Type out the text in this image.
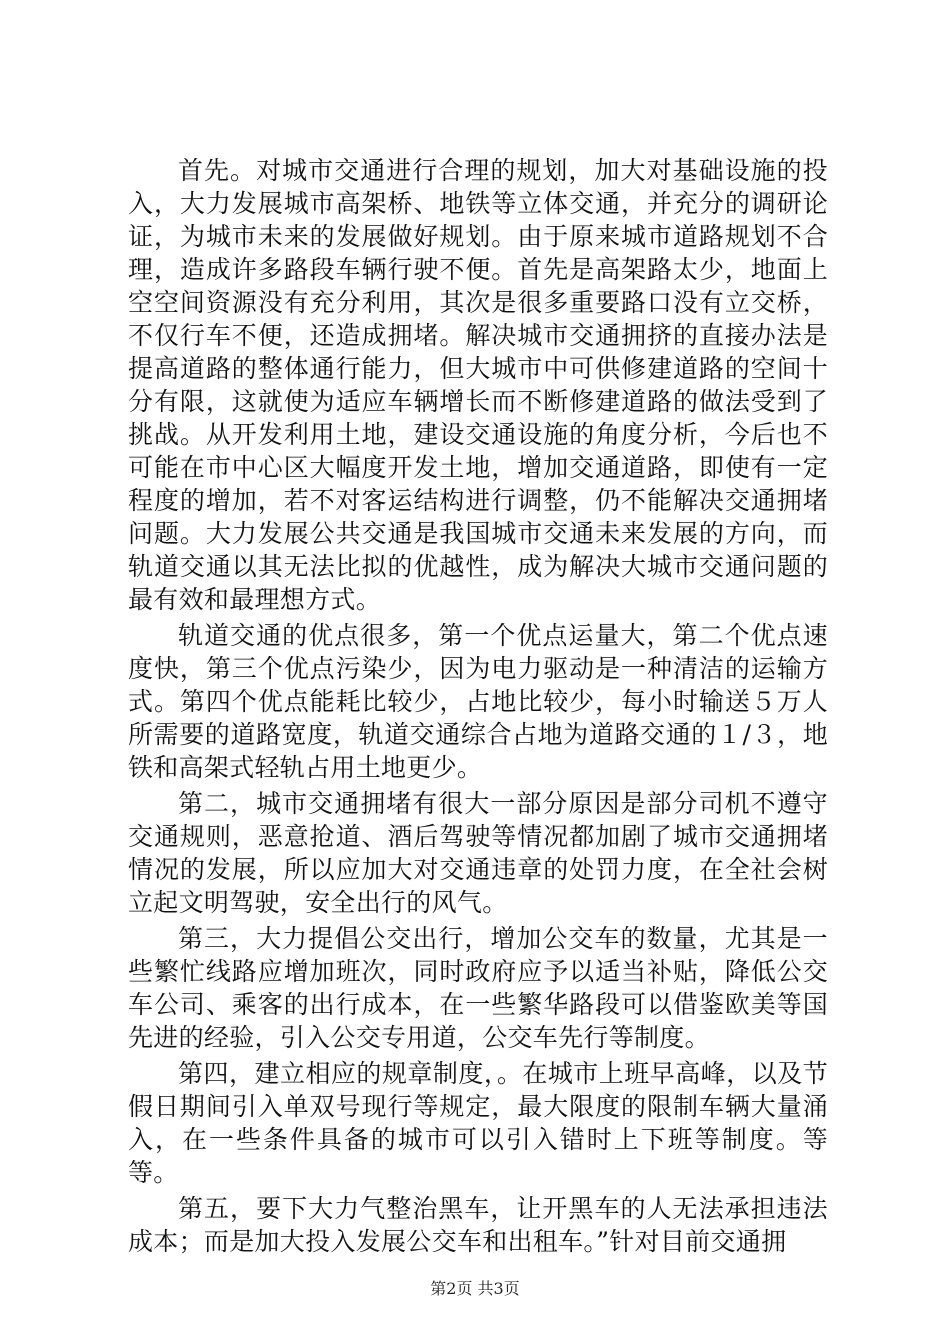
首先。对城市交通进行合理的规划，加大对基础设施的投入，大力发展城市高架桥、地铁等立体交通，并充分的调研论证，为城市未来的发展做好规划。由于原来城市道路规划不合理，造成许多路段车辆行驶不便。首先是高架路太少，地面上空空间资源没有充分利用，其次是很多重要路口没有立交桥，不仅行车不便，还造成拥堵。解决城市交通拥挤的直接办法是提高道路的整体通行能力，但大城市中可供修建道路的空间十分有限，这就使为适应车辆增长而不断修建道路的做法受到了挑战。从开发利用土地，建设交通设施的角度分析，今后也不可能在市中心区大幅度开发土地，增加交通道路，即使有一定程度的增加，若不对客运结构进行调整，仍不能解决交通拥堵问题。大力发展公共交通是我国城市交通未来发展的方向，而轨道交通以其无法比拟的优越性，成为解决大城市交通问题的最有效和最理想方式。

轨道交通的优点很多，第一个优点运量大，第二个优点速度快，第三个优点污染少，因为电力驱动是一种清洁的运输方式。第四个优点能耗比较少，占地比较少，每小时输送５万人所需要的道路宽度，轨道交通综合占地为道路交通的１/３，地铁和高架式轻轨占用土地更少。

第二，城市交通拥堵有很大一部分原因是部分司机不遵守交通规则，恶意抢道、酒后驾驶等情况都加剧了城市交通拥堵情况的发展，所以应加大对交通违章的处罚力度，在全社会树立起文明驾驶，安全出行的风气。

第三，大力提倡公交出行，增加公交车的数量，尤其是一些繁忙线路应增加班次，同时政府应予以适当补贴，降低公交车公司、乘客的出行成本，在一些繁华路段可以借鉴欧美等国先进的经验，引入公交专用道，公交车先行等制度。

第四，建立相应的规章制度，。在城市上班早高峰，以及节假日期间引入单双号现行等规定，最大限度的限制车辆大量涌入，在一些条件具备的城市可以引入错时上下班等制度。等等。

第五，要下大力气整治黑车，让开黑车的人无法承担违法成本；而是加大投入发展公交车和出租车。”针对目前交通拥

第2页 共3页
